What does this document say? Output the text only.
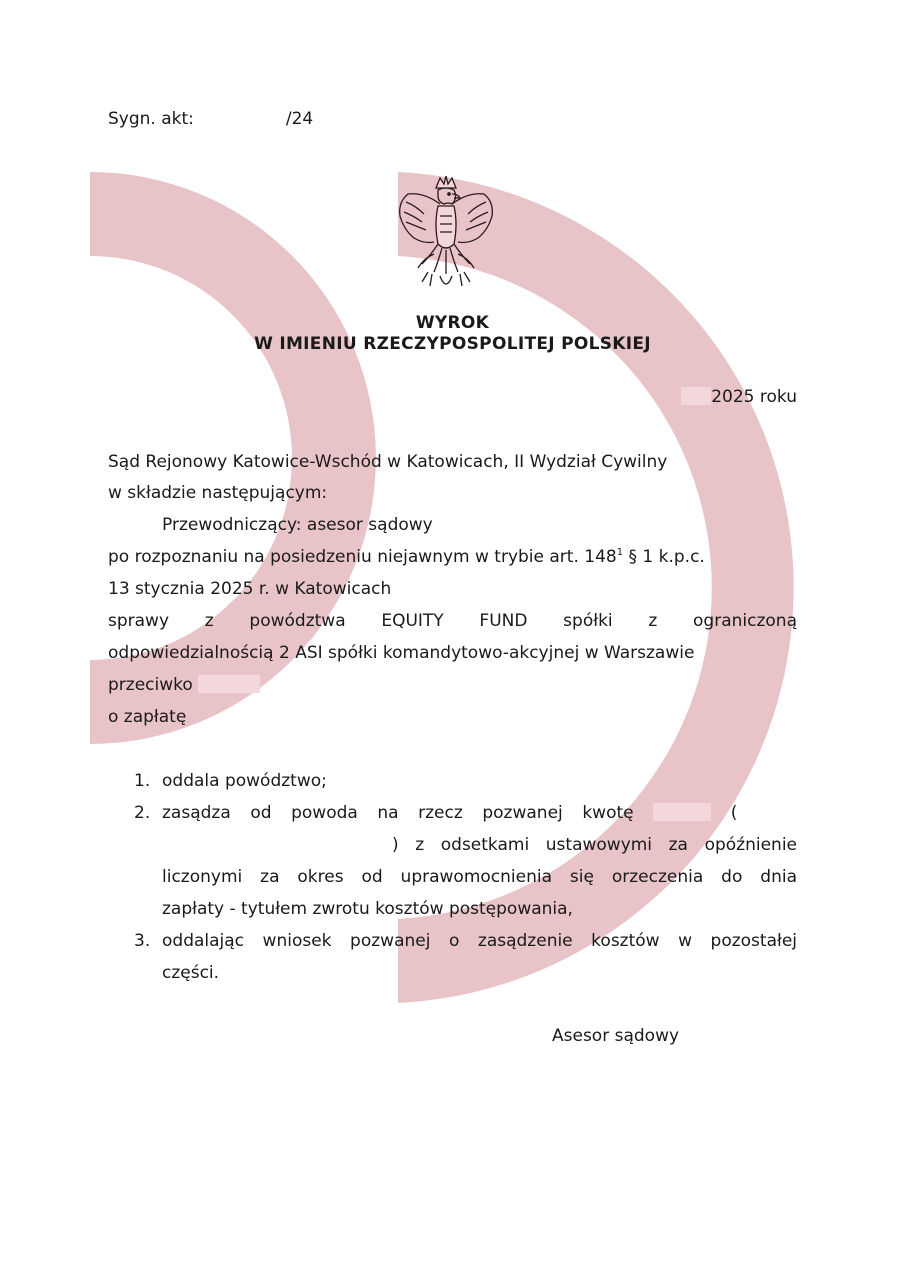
Sygn. akt:	/24
WYROK
W IMIENIU RZECZYPOSPOLITEJ POLSKIEJ
2025 roku
Sąd Rejonowy Katowice-Wschód w Katowicach, II Wydział Cywilny
w składzie następującym:
Przewodniczący: asesor sądowy
po rozpoznaniu na posiedzeniu niejawnym w trybie art. $148^1$ § 1 k.p.c.
13 stycznia 2025 r. w Katowicach
sprawy z powództwa EQUITY FUND spółki z ograniczoną
odpowiedzialnością 2 ASI spółki komandytowo-akcyjnej w Warszawie
przeciwko
o zapłatę
1. oddala powództwo;
2. zasądza od powoda na rzecz pozwanej kwotę	(
) z odsetkami ustawowymi za opóźnienie
liczonymi za okres od uprawomocnienia się orzeczenia do dnia
zapłaty - tytułem zwrotu kosztów postępowania,
3. oddalając wniosek pozwanej o zasądzenie kosztów w pozostałej
części.
Asesor sądowy
